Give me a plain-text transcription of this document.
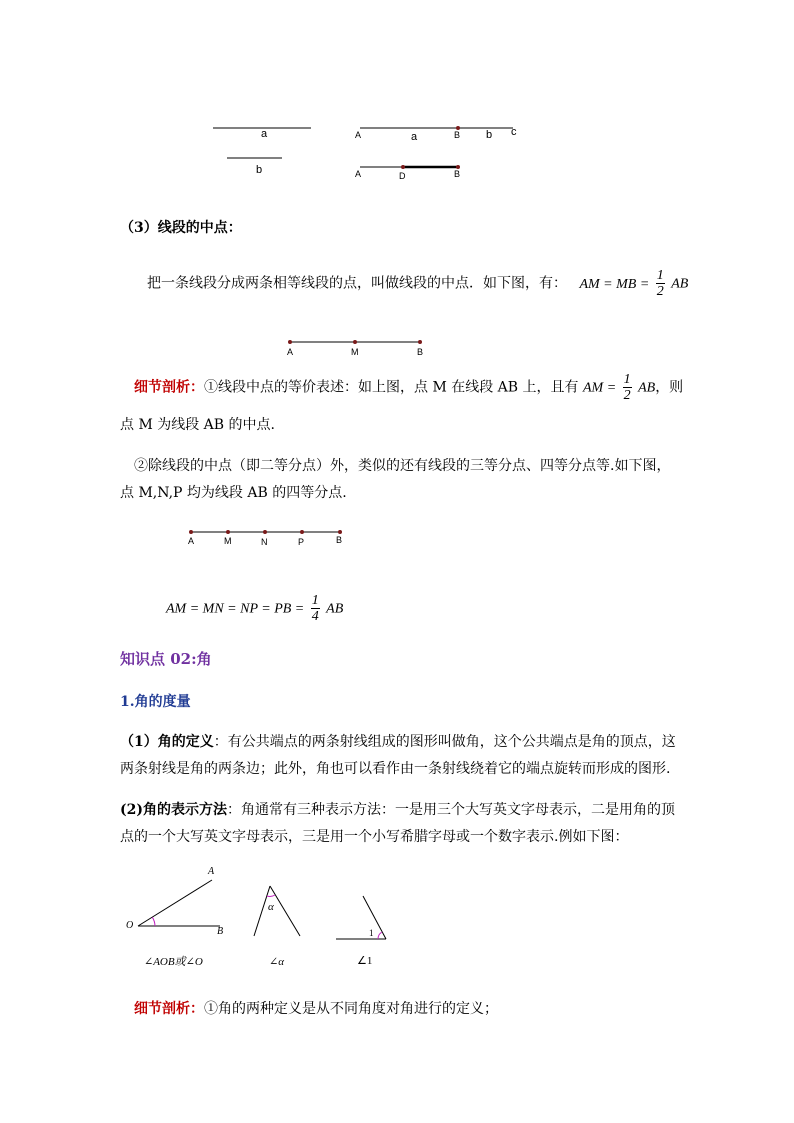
a
b
A	a	B b c
A	D	B
（3）线段的中点：
把一条线段分成两条相等线段的点，叫做线段的中点．如下图，有： AM = MB = $\frac{1}{2}$ AB
A	M	B
细节剖析：①线段中点的等价表述：如上图，点 M 在线段 AB 上，且有 AM = $\frac{1}{2}$ AB，则
点 M 为线段 AB 的中点.
②除线段的中点（即二等分点）外，类似的还有线段的三等分点、四等分点等.如下图，
点 M,N,P 均为线段 AB 的四等分点.
A	M	N	P	B
AM = MN = NP = PB = $\frac{1}{4}$ AB
知识点 02:角
1.角的度量
（1）角的定义：有公共端点的两条射线组成的图形叫做角，这个公共端点是角的顶点，这
两条射线是角的两条边；此外，角也可以看作由一条射线绕着它的端点旋转而形成的图形.
(2)角的表示方法：角通常有三种表示方法：一是用三个大写英文字母表示，二是用角的顶
点的一个大写英文字母表示，三是用一个小写希腊字母或一个数字表示.例如下图：
A
O
B
∠AOB或∠O
α
∠α
1
∠1
细节剖析：①角的两种定义是从不同角度对角进行的定义；
